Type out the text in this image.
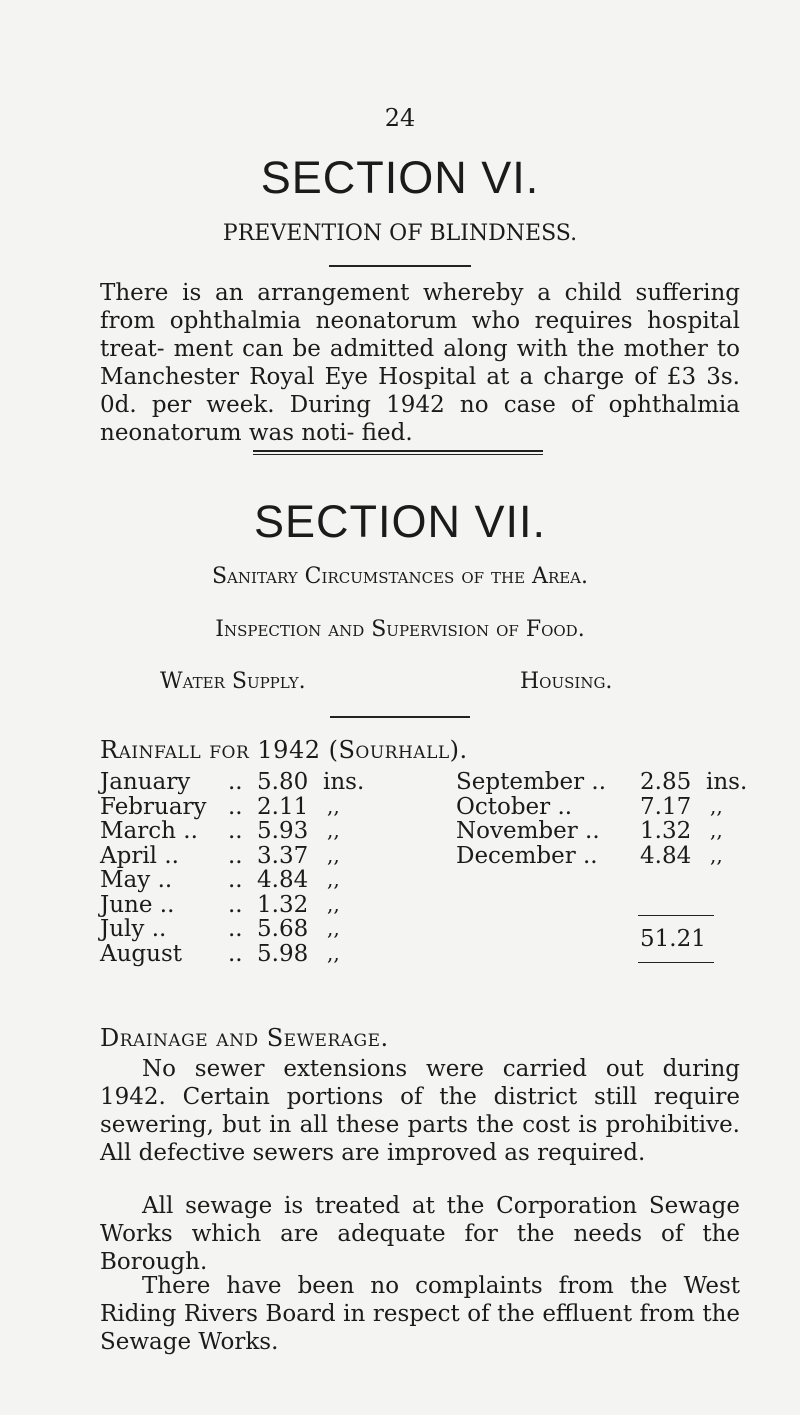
24
SECTION VI.
PREVENTION OF BLINDNESS.
There is an arrangement whereby a child suffering from ophthalmia neonatorum who requires hospital treat- ment can be admitted along with the mother to Manchester Royal Eye Hospital at a charge of £3 3s. 0d. per week. During 1942 no case of ophthalmia neonatorum was noti- fied.
SECTION VII.
Sanitary Circumstances of the Area.
Inspection and Supervision of Food.
Water Supply.	Housing.
Rainfall for 1942 (Sourhall).
January .. 5.80 ins.
February .. 2.11 ,,
March .. .. 5.93 ,,
April .. .. 3.37 ,,
May .. .. 4.84 ,,
June .. .. 1.32 ,,
July ..	.. 5.68 ,,
August .. 5.98 ,,
September .. 2.85 ins.
October ..	7.17 ,,
November .. 1.32 ,,
December .. 4.84 ,,
51.21
Drainage and Sewerage.
No sewer extensions were carried out during 1942. Certain portions of the district still require sewering, but in all these parts the cost is prohibitive. All defective sewers are improved as required.
All sewage is treated at the Corporation Sewage Works which are adequate for the needs of the Borough.
There have been no complaints from the West Riding Rivers Board in respect of the effluent from the Sewage Works.
